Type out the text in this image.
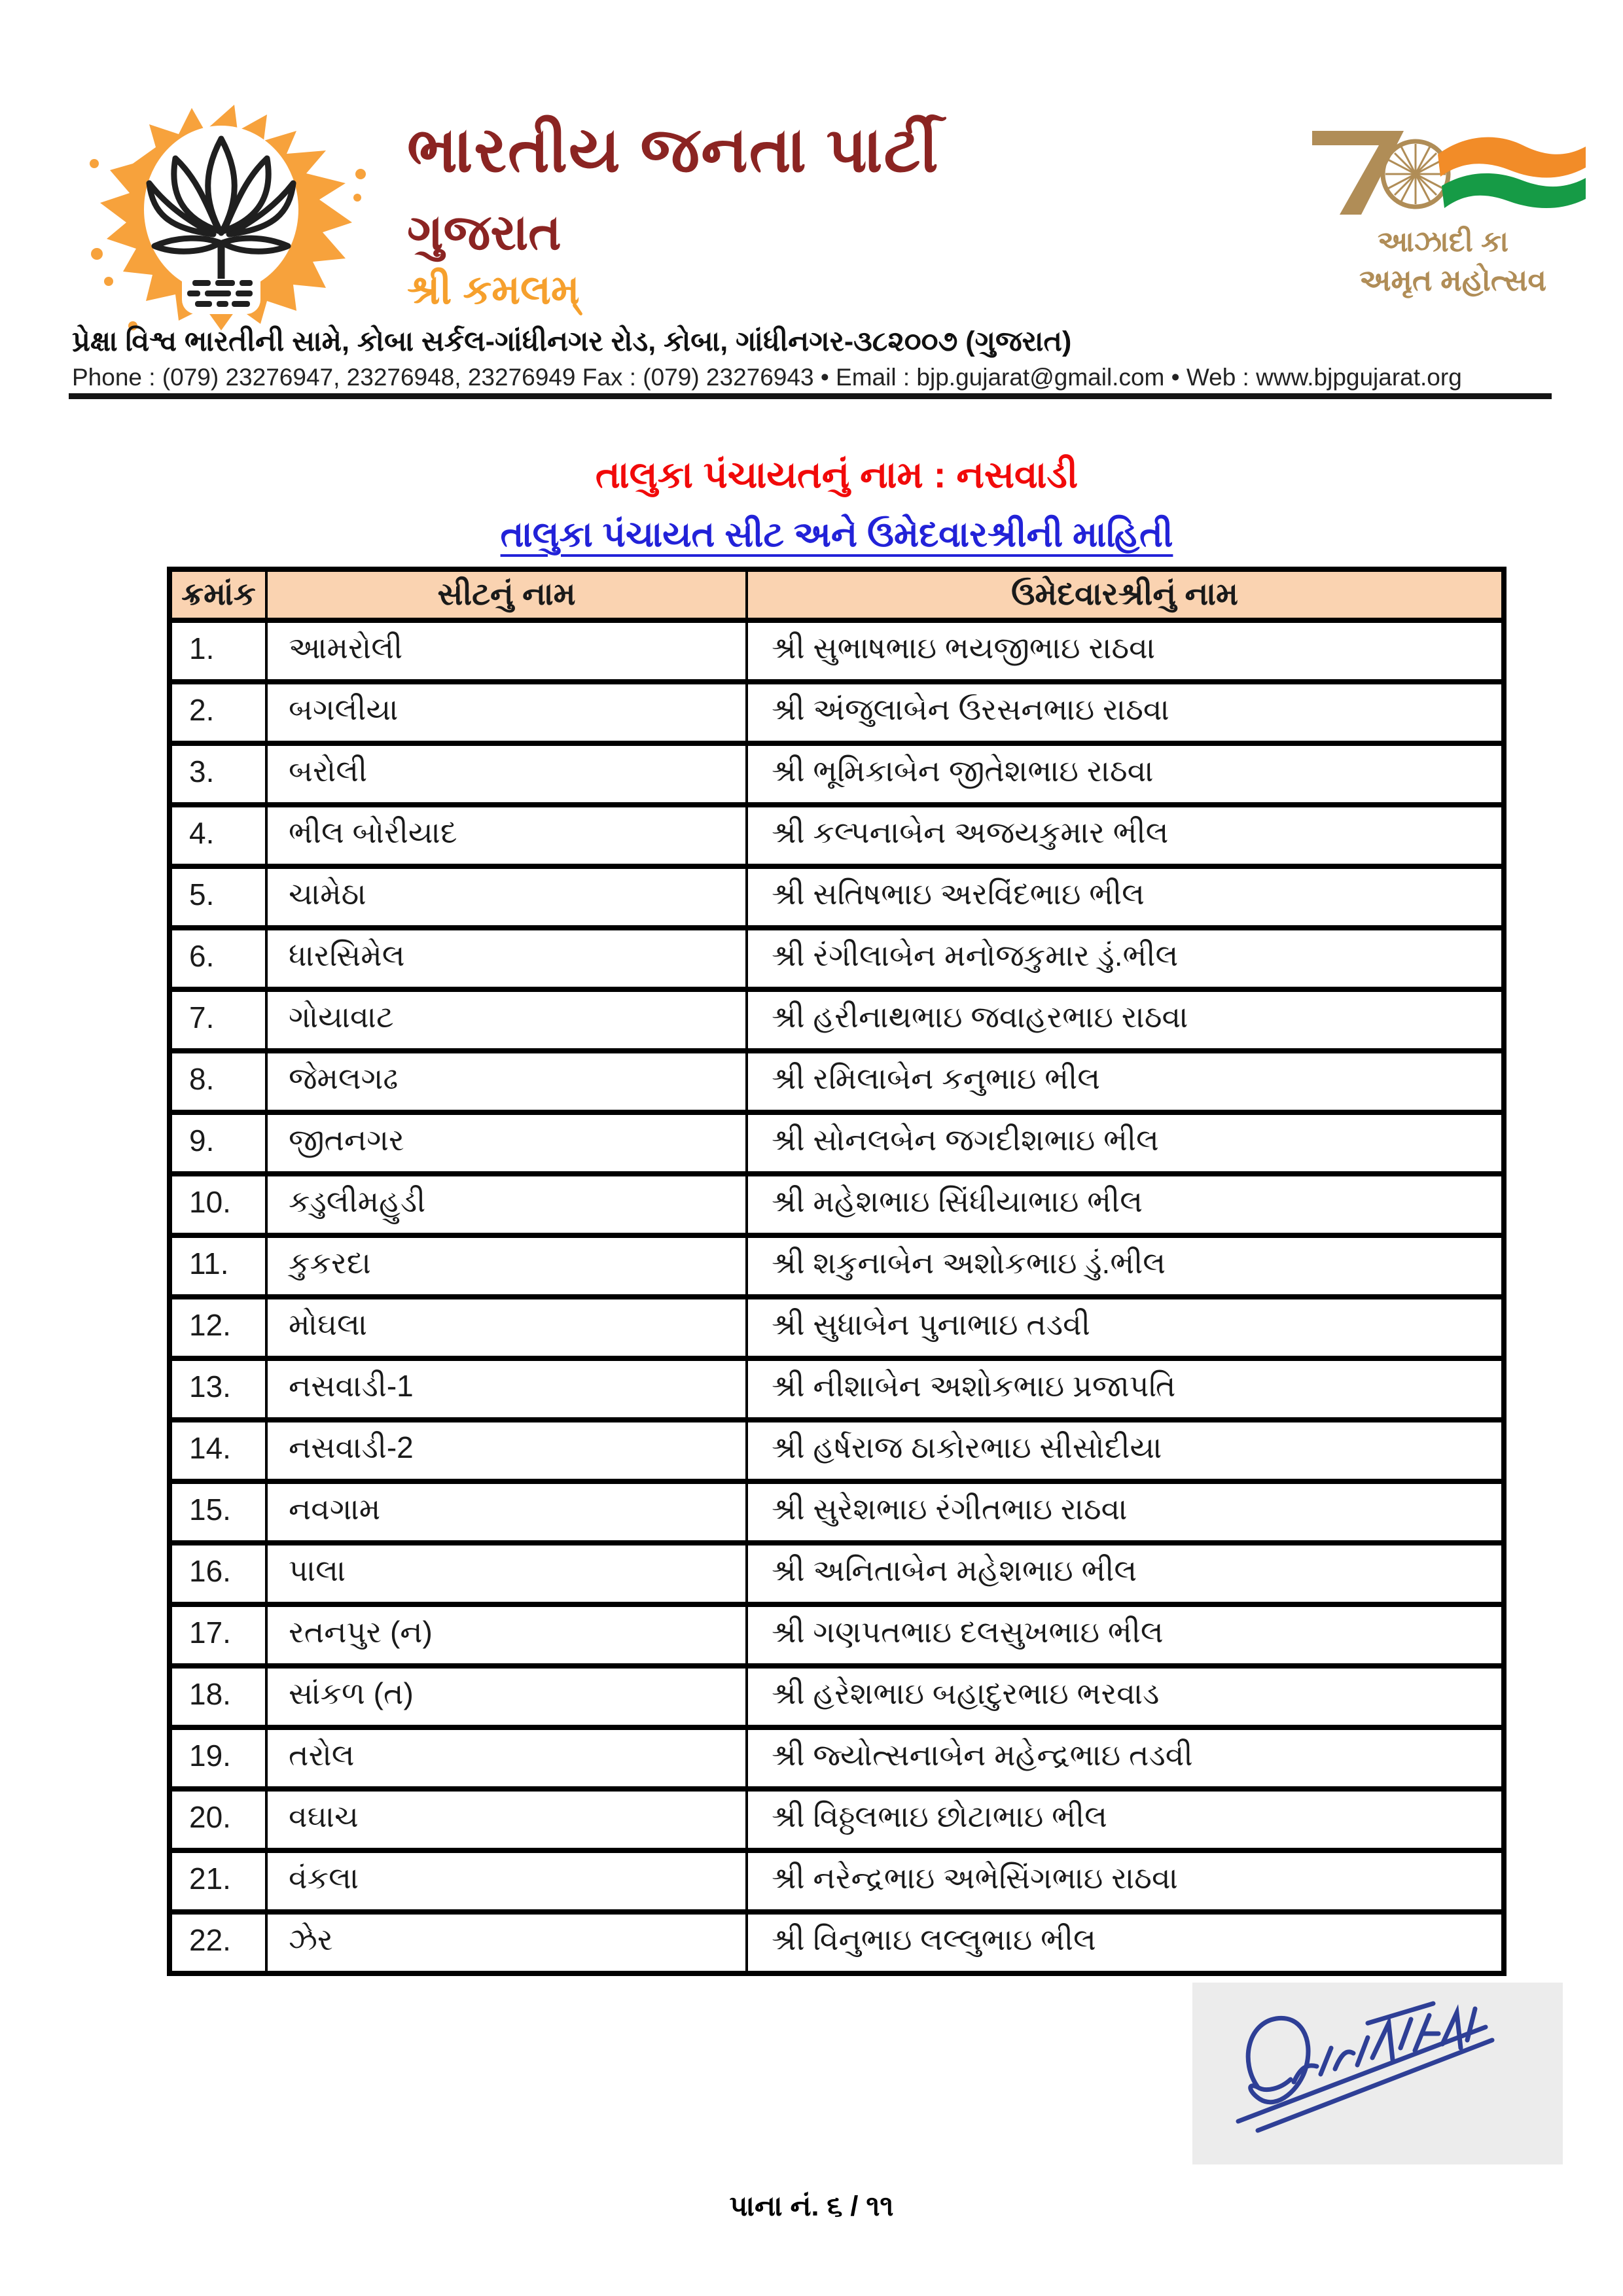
ભારતીય જનતા પાર્ટી
ગુજરાત
શ્રી કમલમ્
આઝાદી કા
અમૃત મહોત્સવ
પ્રેક્ષા વિશ્વ ભારતીની સામે, કોબા સર્કલ-ગાંધીનગર રોડ, કોબા, ગાંધીનગર-૩૮૨૦૦૭ (ગુજરાત)
Phone : (079) 23276947, 23276948, 23276949 Fax : (079) 23276943 • Email : bjp.gujarat@gmail.com • Web : www.bjpgujarat.org
તાલુકા પંચાયતનું નામ : નસવાડી
તાલુકા પંચાયત સીટ અને ઉમેદવારશ્રીની માહિતી
ક્રમાંક	સીટનું નામ	ઉમેદવારશ્રીનું નામ
1.	આમરોલી	શ્રી સુભાષભાઇ ભયજીભાઇ રાઠવા
2.	બગલીયા	શ્રી અંજુલાબેન ઉરસનભાઇ રાઠવા
3.	બરોલી	શ્રી ભૂમિકાબેન જીતેશભાઇ રાઠવા
4.	ભીલ બોરીયાદ	શ્રી કલ્પનાબેન અજયકુમાર ભીલ
5.	ચામેઠા	શ્રી સતિષભાઇ અરવિંદભાઇ ભીલ
6.	ધારસિમેલ	શ્રી રંગીલાબેન મનોજકુમાર ડું.ભીલ
7.	ગોયાવાટ	શ્રી હરીનાથભાઇ જવાહરભાઇ રાઠવા
8.	જેમલગઢ	શ્રી રમિલાબેન કનુભાઇ ભીલ
9.	જીતનગર	શ્રી સોનલબેન જગદીશભાઇ ભીલ
10.	કડુલીમહુડી	શ્રી મહેશભાઇ સિંધીયાભાઇ ભીલ
11.	કુકરદા	શ્રી શકુનાબેન અશોકભાઇ ડું.ભીલ
12.	મોઘલા	શ્રી સુધાબેન પુનાભાઇ તડવી
13.	નસવાડી-1	શ્રી નીશાબેન અશોકભાઇ પ્રજાપતિ
14.	નસવાડી-2	શ્રી હર્ષરાજ ઠાકોરભાઇ સીસોદીયા
15.	નવગામ	શ્રી સુરેશભાઇ રંગીતભાઇ રાઠવા
16.	પાલા	શ્રી અનિતાબેન મહેશભાઇ ભીલ
17.	રતનપુર (ન)	શ્રી ગણપતભાઇ દલસુખભાઇ ભીલ
18.	સાંકળ (ત)	શ્રી હરેશભાઇ બહાદુરભાઇ ભરવાડ
19.	તરોલ	શ્રી જ્યોત્સનાબેન મહેન્દ્રભાઇ તડવી
20.	વઘાચ	શ્રી વિઠ્ઠલભાઇ છોટાભાઇ ભીલ
21.	વંકલા	શ્રી નરેન્દ્રભાઇ અભેસિંગભાઇ રાઠવા
22.	ઝેર	શ્રી વિનુભાઇ લલ્લુભાઇ ભીલ
પાના નં. ૬ / ૧૧
